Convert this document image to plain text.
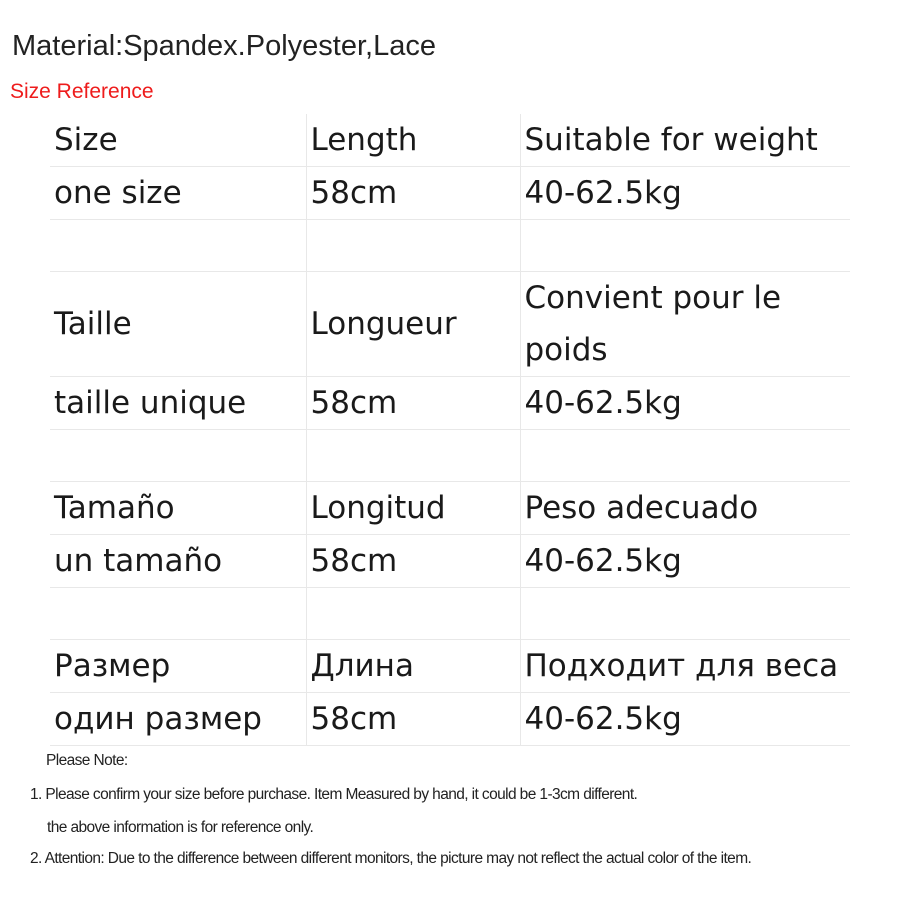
Material:Spandex.Polyester,Lace
Size Reference
Size	Length	Suitable for weight
one size	58cm	40-62.5kg

Taille	Longueur	Convient pour le poids
taille unique	58cm	40-62.5kg

Tamaño	Longitud	Peso adecuado
un tamaño	58cm	40-62.5kg

Размер	Длина	Подходит для веса
один размер	58cm	40-62.5kg
Please Note:
1. Please confirm your size before purchase. Item Measured by hand, it could be 1-3cm different.
the above information is for reference only.
2. Attention: Due to the difference between different monitors, the picture may not reflect the actual color of the item.
